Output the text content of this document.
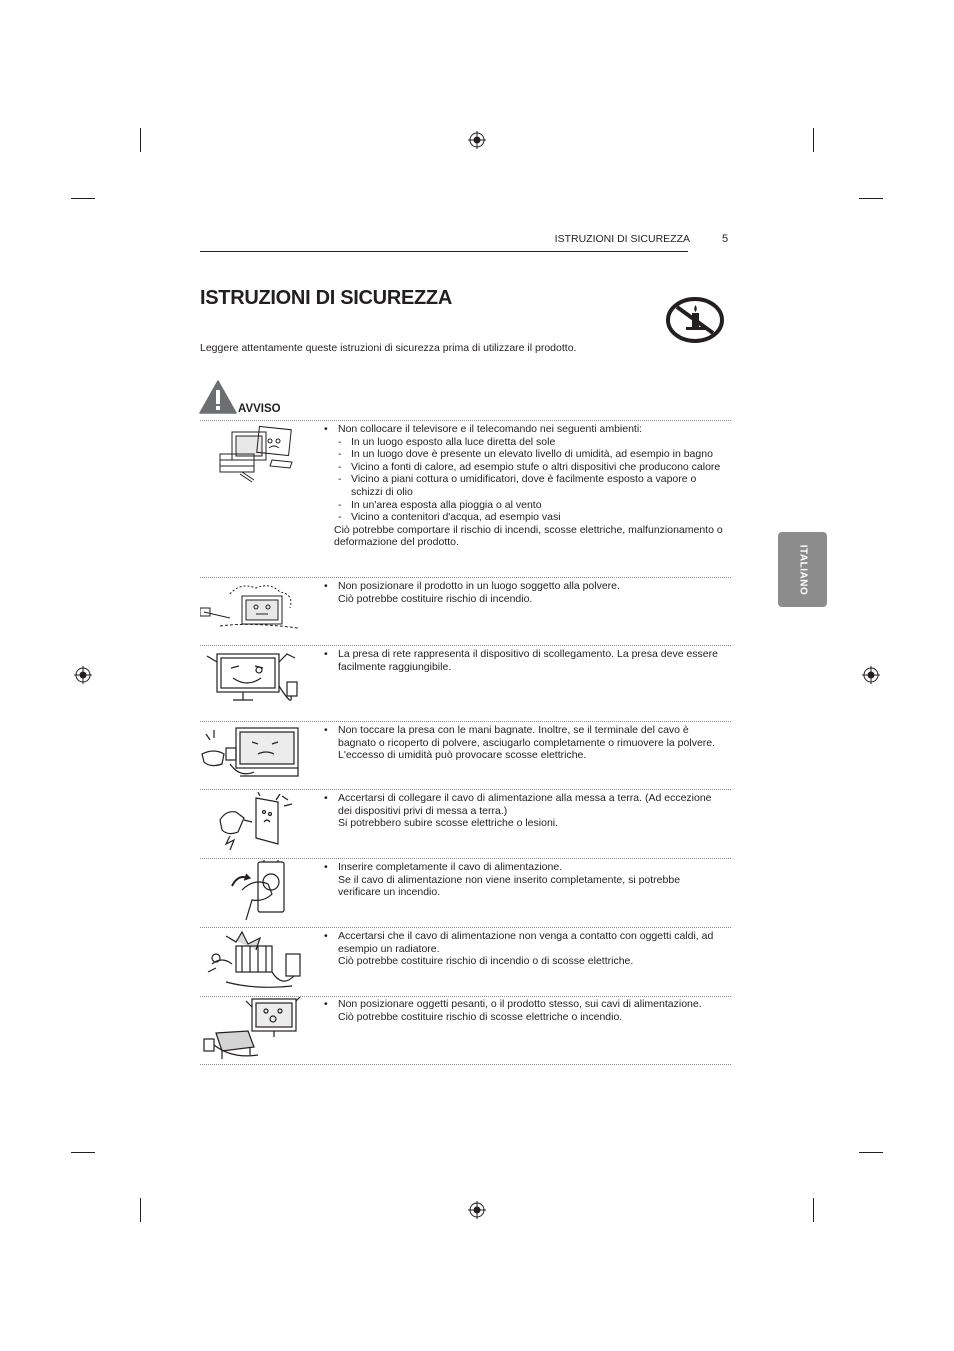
ISTRUZIONI DI SICUREZZA	5
ISTRUZIONI DI SICUREZZA
Leggere attentamente queste istruzioni di sicurezza prima di utilizzare il prodotto.
AVVISO
• Non collocare il televisore e il telecomando nei seguenti ambienti:
- In un luogo esposto alla luce diretta del sole
- In un luogo dove è presente un elevato livello di umidità, ad esempio in bagno
- Vicino a fonti di calore, ad esempio stufe o altri dispositivi che producono calore
- Vicino a piani cottura o umidificatori, dove è facilmente esposto a vapore o schizzi di olio
- In un'area esposta alla pioggia o al vento
- Vicino a contenitori d'acqua, ad esempio vasi
Ciò potrebbe comportare il rischio di incendi, scosse elettriche, malfunzionamento o deformazione del prodotto.
• Non posizionare il prodotto in un luogo soggetto alla polvere.
Ciò potrebbe costituire rischio di incendio.
• La presa di rete rappresenta il dispositivo di scollegamento. La presa deve essere facilmente raggiungibile.
• Non toccare la presa con le mani bagnate. Inoltre, se il terminale del cavo è bagnato o ricoperto di polvere, asciugarlo completamente o rimuovere la polvere.
L'eccesso di umidità può provocare scosse elettriche.
• Accertarsi di collegare il cavo di alimentazione alla messa a terra. (Ad eccezione dei dispositivi privi di messa a terra.)
Si potrebbero subire scosse elettriche o lesioni.
• Inserire completamente il cavo di alimentazione.
Se il cavo di alimentazione non viene inserito completamente, si potrebbe verificare un incendio.
• Accertarsi che il cavo di alimentazione non venga a contatto con oggetti caldi, ad esempio un radiatore.
Ciò potrebbe costituire rischio di incendio o di scosse elettriche.
• Non posizionare oggetti pesanti, o il prodotto stesso, sui cavi di alimentazione.
Ciò potrebbe costituire rischio di scosse elettriche o incendio.
ITALIANO
